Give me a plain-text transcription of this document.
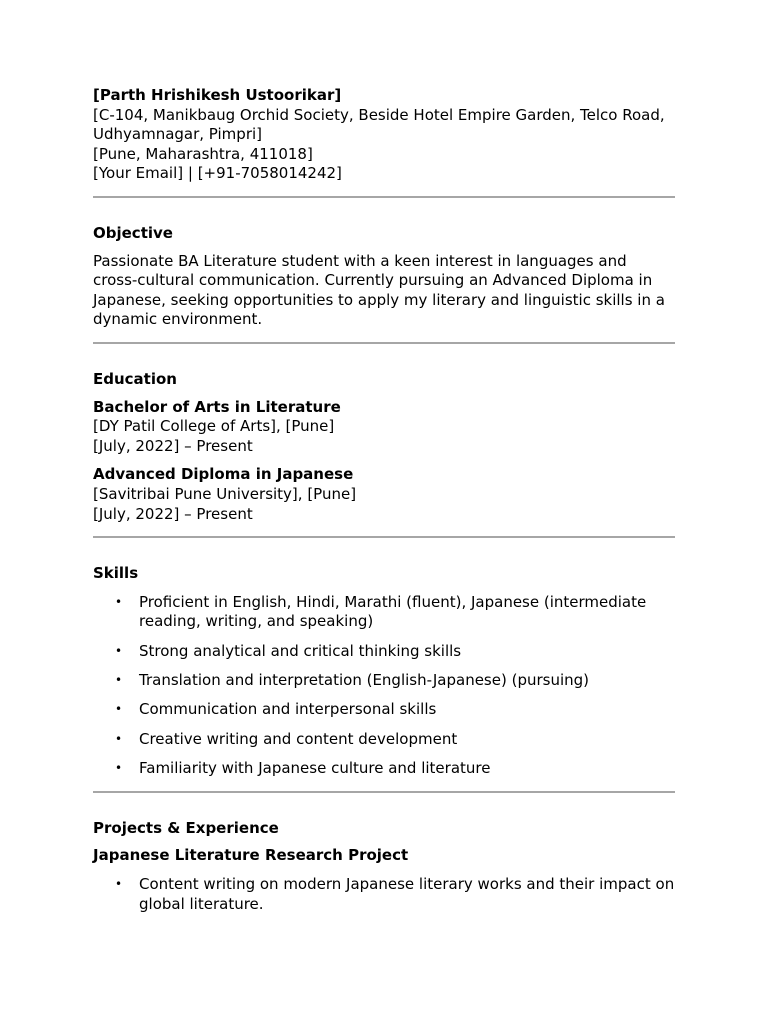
[Parth Hrishikesh Ustoorikar]
[C-104, Manikbaug Orchid Society, Beside Hotel Empire Garden, Telco Road, Udhyamnagar, Pimpri]
[Pune, Maharashtra, 411018]
[Your Email] | [+91-7058014242]
Objective
Passionate BA Literature student with a keen interest in languages and cross-cultural communication. Currently pursuing an Advanced Diploma in Japanese, seeking opportunities to apply my literary and linguistic skills in a dynamic environment.
Education
Bachelor of Arts in Literature
[DY Patil College of Arts], [Pune]
[July, 2022] – Present
Advanced Diploma in Japanese
[Savitribai Pune University], [Pune]
[July, 2022] – Present
Skills
• Proficient in English, Hindi, Marathi (fluent), Japanese (intermediate reading, writing, and speaking)
• Strong analytical and critical thinking skills
• Translation and interpretation (English-Japanese) (pursuing)
• Communication and interpersonal skills
• Creative writing and content development
• Familiarity with Japanese culture and literature
Projects & Experience
Japanese Literature Research Project
• Content writing on modern Japanese literary works and their impact on global literature.
